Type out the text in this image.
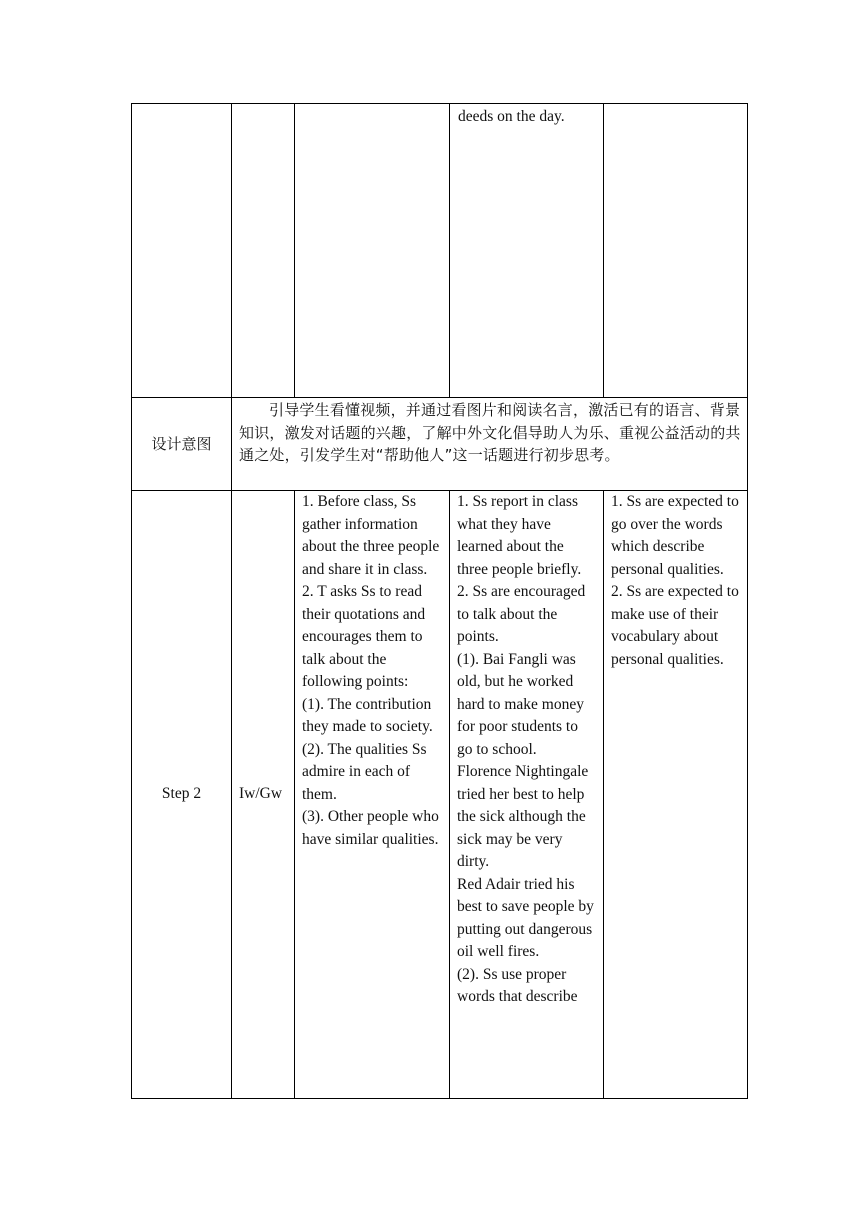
deeds on the day.

设计意图

引导学生看懂视频，并通过看图片和阅读名言，激活已有的语言、背景知识，激发对话题的兴趣，了解中外文化倡导助人为乐、重视公益活动的共通之处，引发学生对“帮助他人”这一话题进行初步思考。

Step 2 Iw/Gw

1. Before class, Ss gather information about the three people and share it in class.

2. T asks Ss to read their quotations and encourages them to talk about the following points:

(1). The contribution they made to society.

(2). The qualities Ss admire in each of them.

(3). Other people who have similar qualities.

1. Ss report in class what they have learned about the three people briefly.

2. Ss are encouraged to talk about the points.

(1). Bai Fangli was old, but he worked hard to make money for poor students to go to school.

Florence Nightingale tried her best to help the sick although the sick may be very dirty.

Red Adair tried his best to save people by putting out dangerous oil well fires.

(2). Ss use proper words that describe

1. Ss are expected to go over the words which describe personal qualities.

2. Ss are expected to make use of their vocabulary about personal qualities.
